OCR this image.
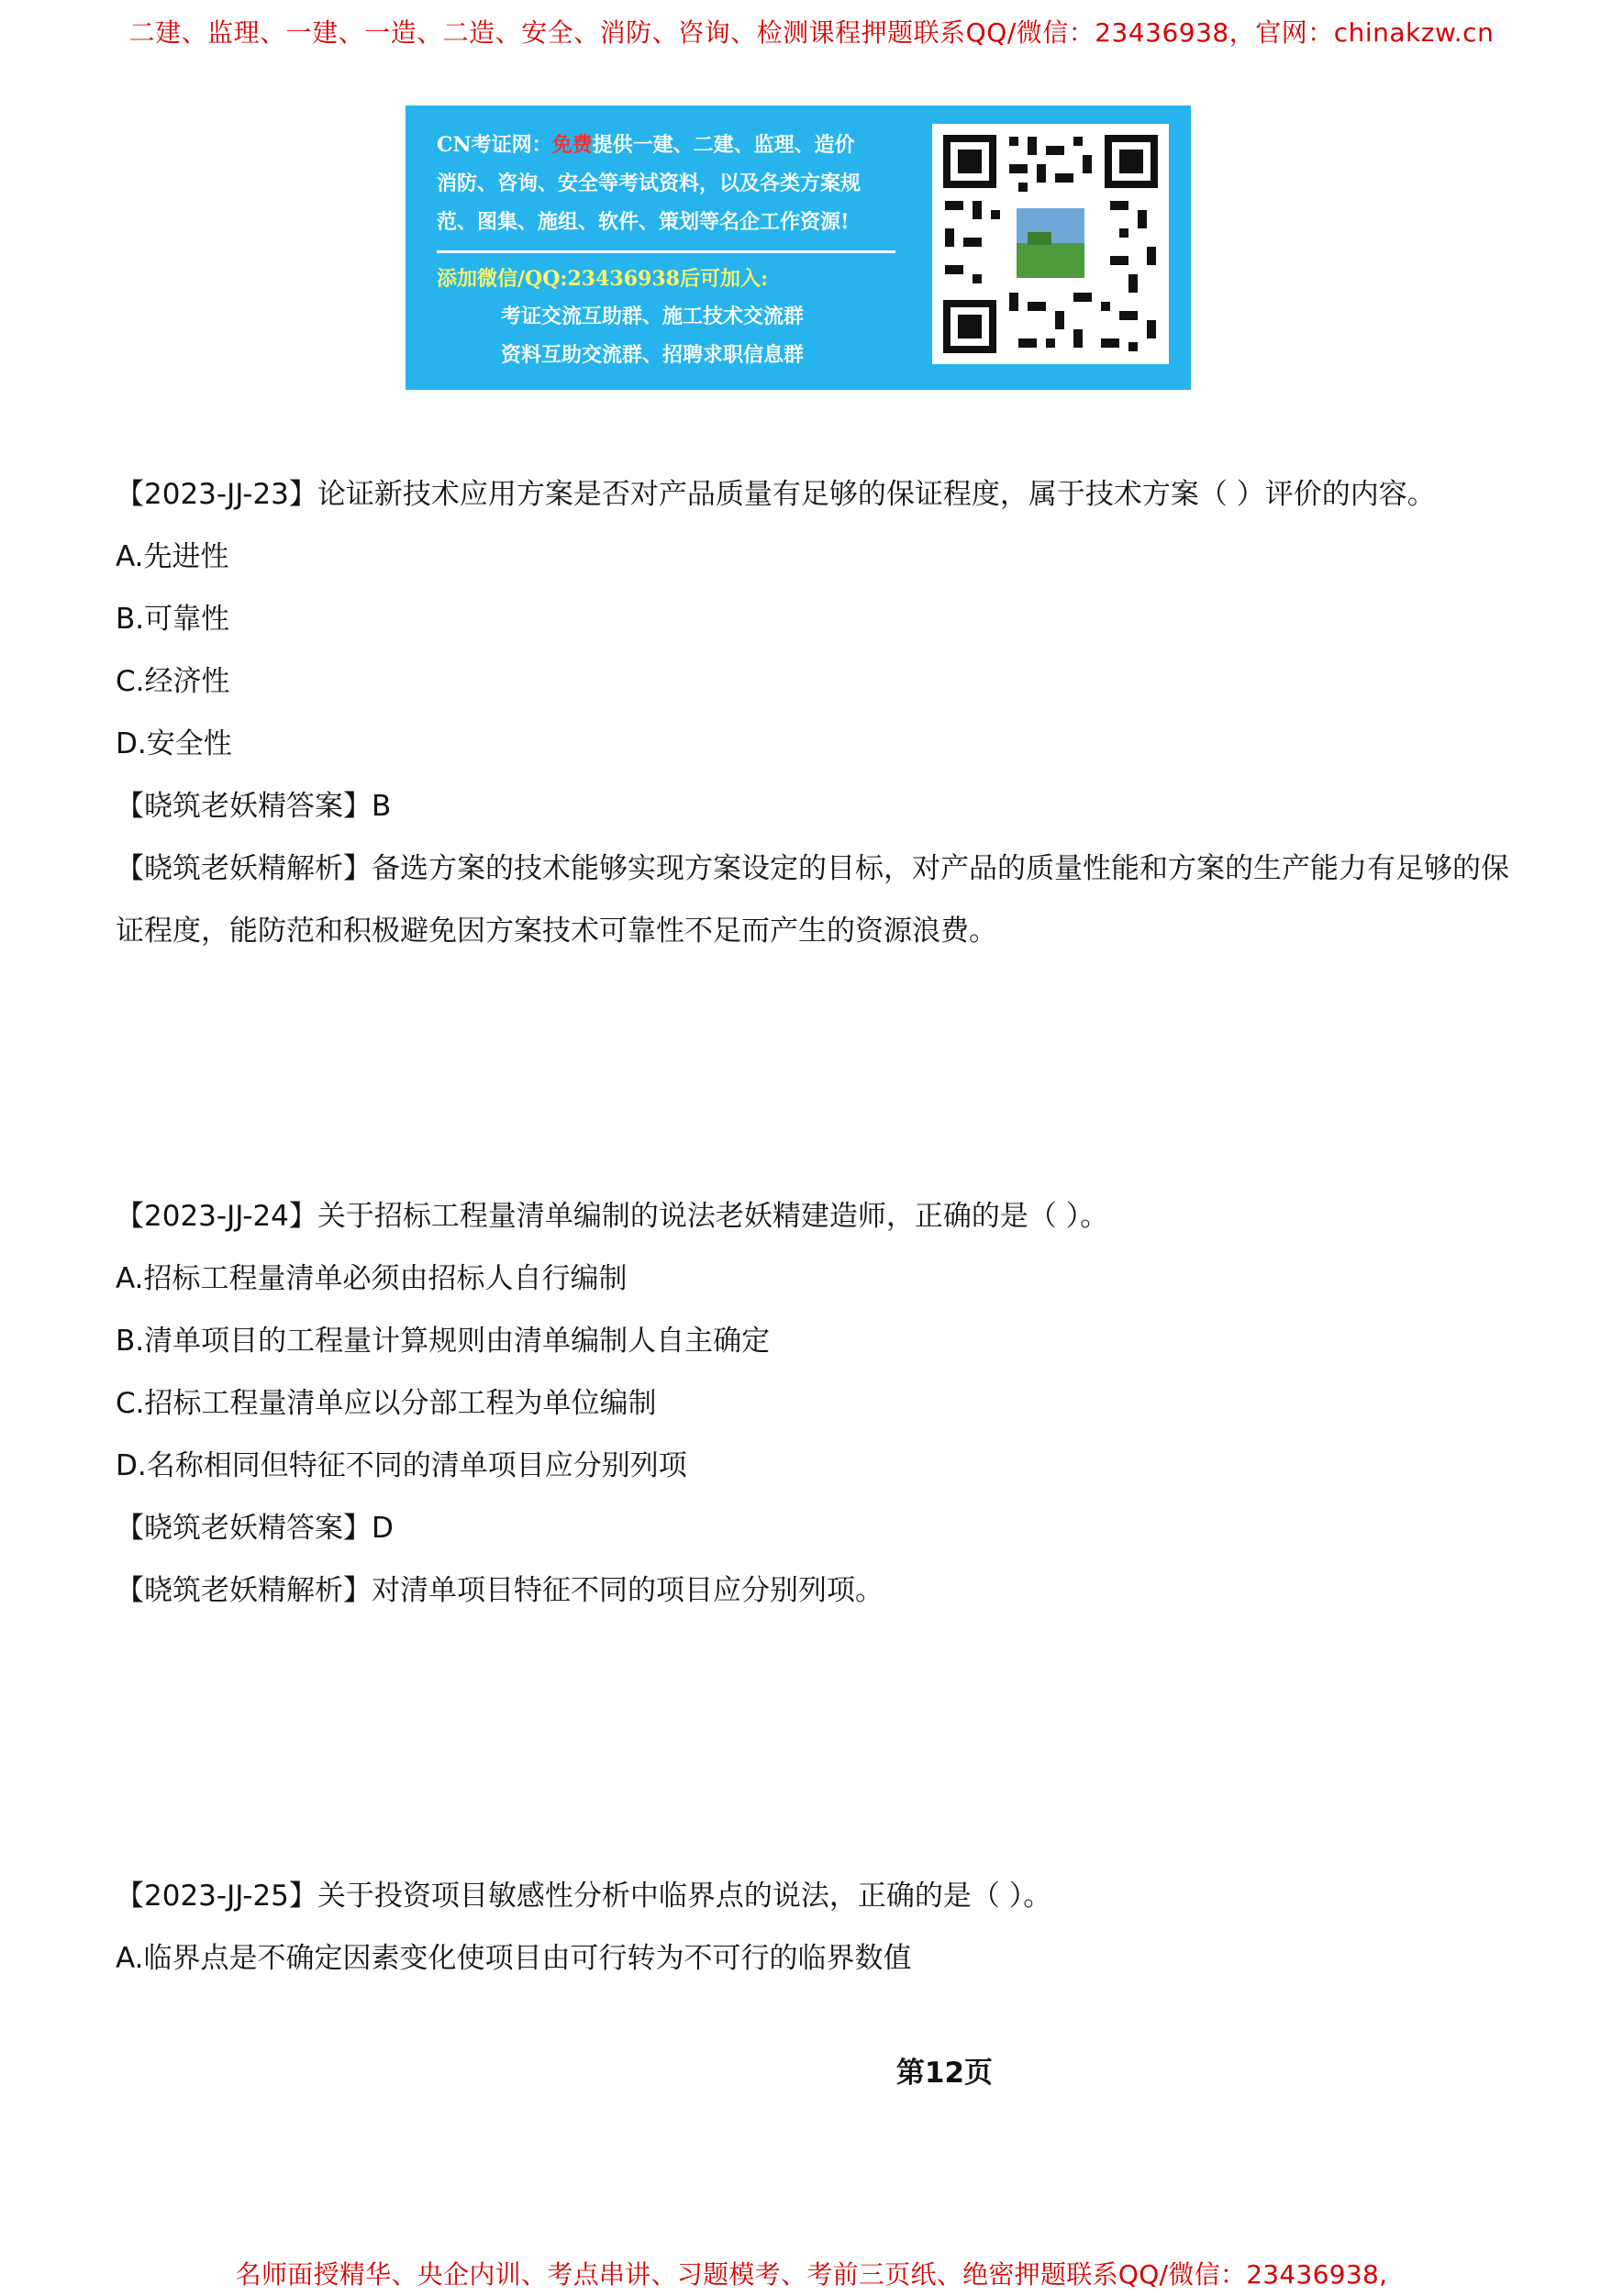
二建、监理、一建、一造、二造、安全、消防、咨询、检测课程押题联系QQ/微信：23436938，官网：chinakzw.cn
CN考证网：免费提供一建、二建、监理、造价
消防、咨询、安全等考试资料，以及各类方案规
范、图集、施组、软件、策划等名企工作资源!
添加微信/QQ:23436938后可加入:
考证交流互助群、施工技术交流群
资料互助交流群、招聘求职信息群
【2023-JJ-23】论证新技术应用方案是否对产品质量有足够的保证程度，属于技术方案（ ）评价的内容。
A.先进性
B.可靠性
C.经济性
D.安全性
【晓筑老妖精答案】B
【晓筑老妖精解析】备选方案的技术能够实现方案设定的目标，对产品的质量性能和方案的生产能力有足够的保证程度，能防范和积极避免因方案技术可靠性不足而产生的资源浪费。
【2023-JJ-24】关于招标工程量清单编制的说法老妖精建造师，正确的是（ ）。
A.招标工程量清单必须由招标人自行编制
B.清单项目的工程量计算规则由清单编制人自主确定
C.招标工程量清单应以分部工程为单位编制
D.名称相同但特征不同的清单项目应分别列项
【晓筑老妖精答案】D
【晓筑老妖精解析】对清单项目特征不同的项目应分别列项。
【2023-JJ-25】关于投资项目敏感性分析中临界点的说法，正确的是（ ）。
A.临界点是不确定因素变化使项目由可行转为不可行的临界数值
第12页
名师面授精华、央企内训、考点串讲、习题模考、考前三页纸、绝密押题联系QQ/微信：23436938,
